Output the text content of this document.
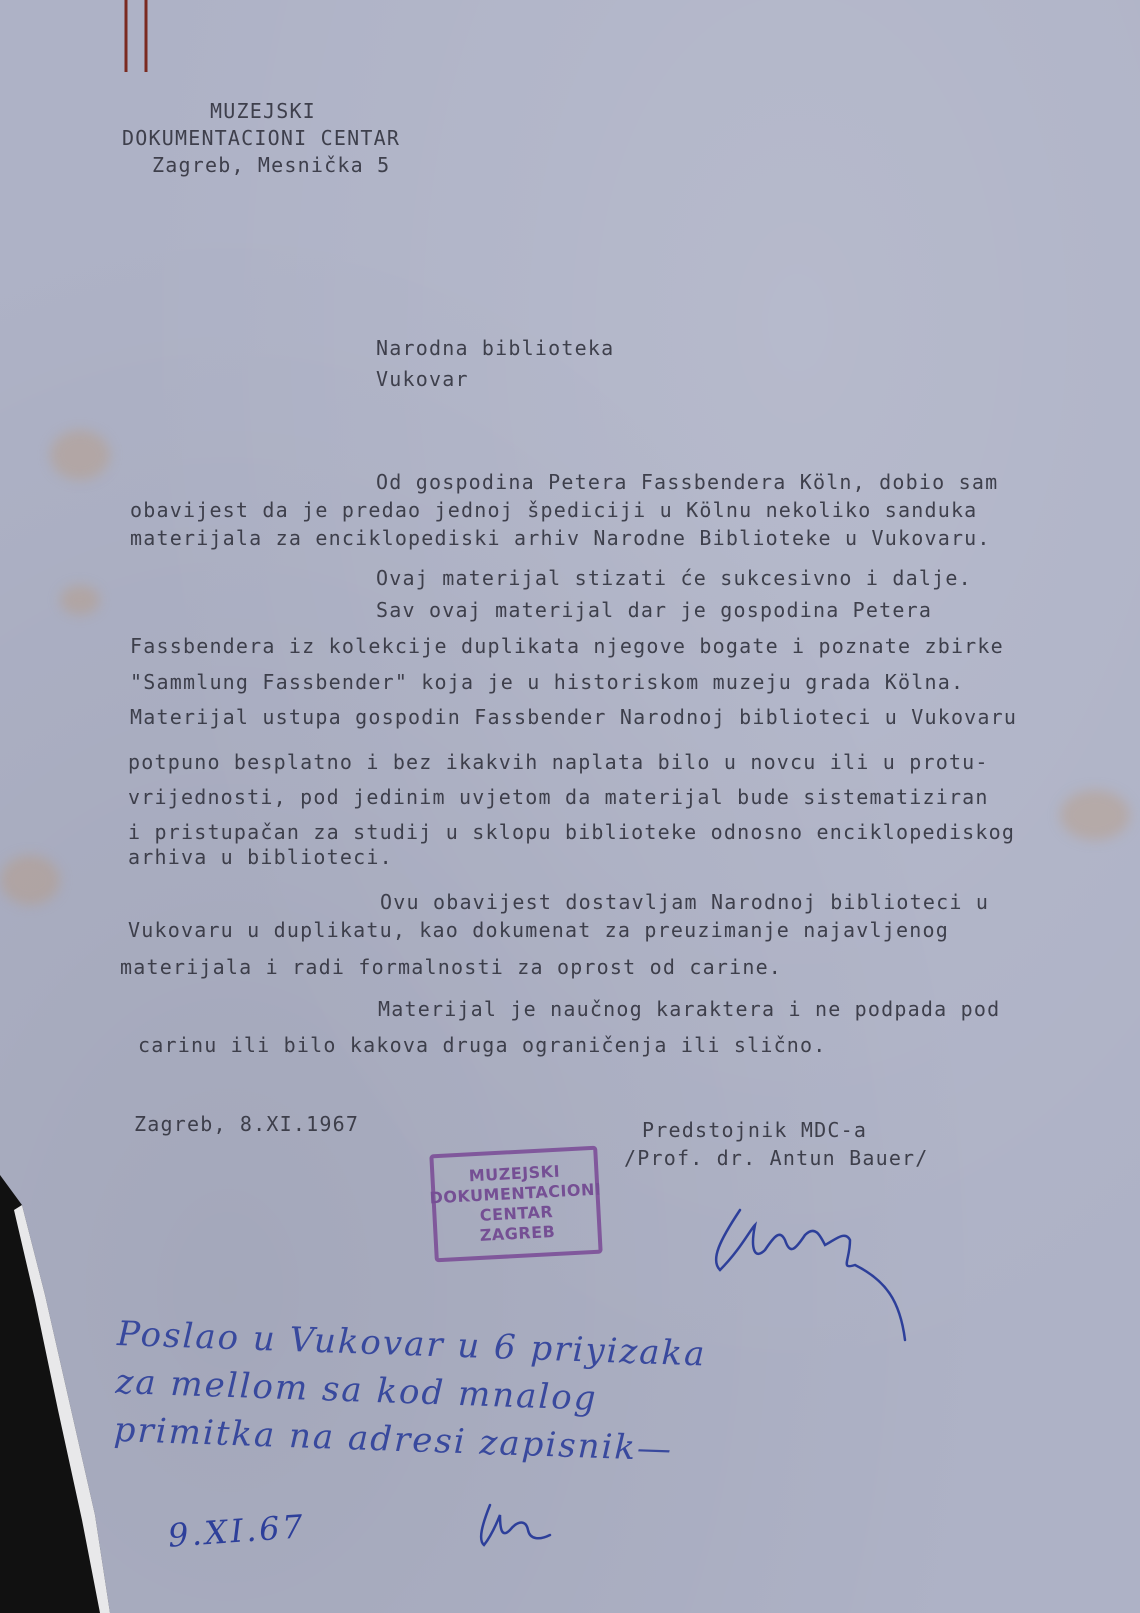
MUZEJSKI
DOKUMENTACIONI CENTAR
Zagreb, Mesnička 5
Narodna biblioteka
Vukovar
Od gospodina Petera Fassbendera Köln, dobio sam
obavijest da je predao jednoj špediciji u Kölnu nekoliko sanduka
materijala za enciklopediski arhiv Narodne Biblioteke u Vukovaru.
Ovaj materijal stizati će sukcesivno i dalje.
Sav ovaj materijal dar je gospodina Petera
Fassbendera iz kolekcije duplikata njegove bogate i poznate zbirke
"Sammlung Fassbender" koja je u historiskom muzeju grada Kölna.
Materijal ustupa gospodin Fassbender Narodnoj biblioteci u Vukovaru
potpuno besplatno i bez ikakvih naplata bilo u novcu ili u protu-
vrijednosti, pod jedinim uvjetom da materijal bude sistematiziran
i pristupačan za studij u sklopu biblioteke odnosno enciklopediskog
arhiva u biblioteci.
Ovu obavijest dostavljam Narodnoj biblioteci u
Vukovaru u duplikatu, kao dokumenat za preuzimanje najavljenog
materijala i radi formalnosti za oprost od carine.
Materijal je naučnog karaktera i ne podpada pod
carinu ili bilo kakova druga ograničenja ili slično.
Zagreb, 8.XI.1967	Predstojnik MDC-a
/Prof. dr. Antun Bauer/
MUZEJSKI
DOKUMENTACIONI
CENTAR
ZAGREB
Poslao u Vukovar u 6 priyizaka
za mellom sa kod mnalog
primitka na adresi zapisnik—
9.XI.67
